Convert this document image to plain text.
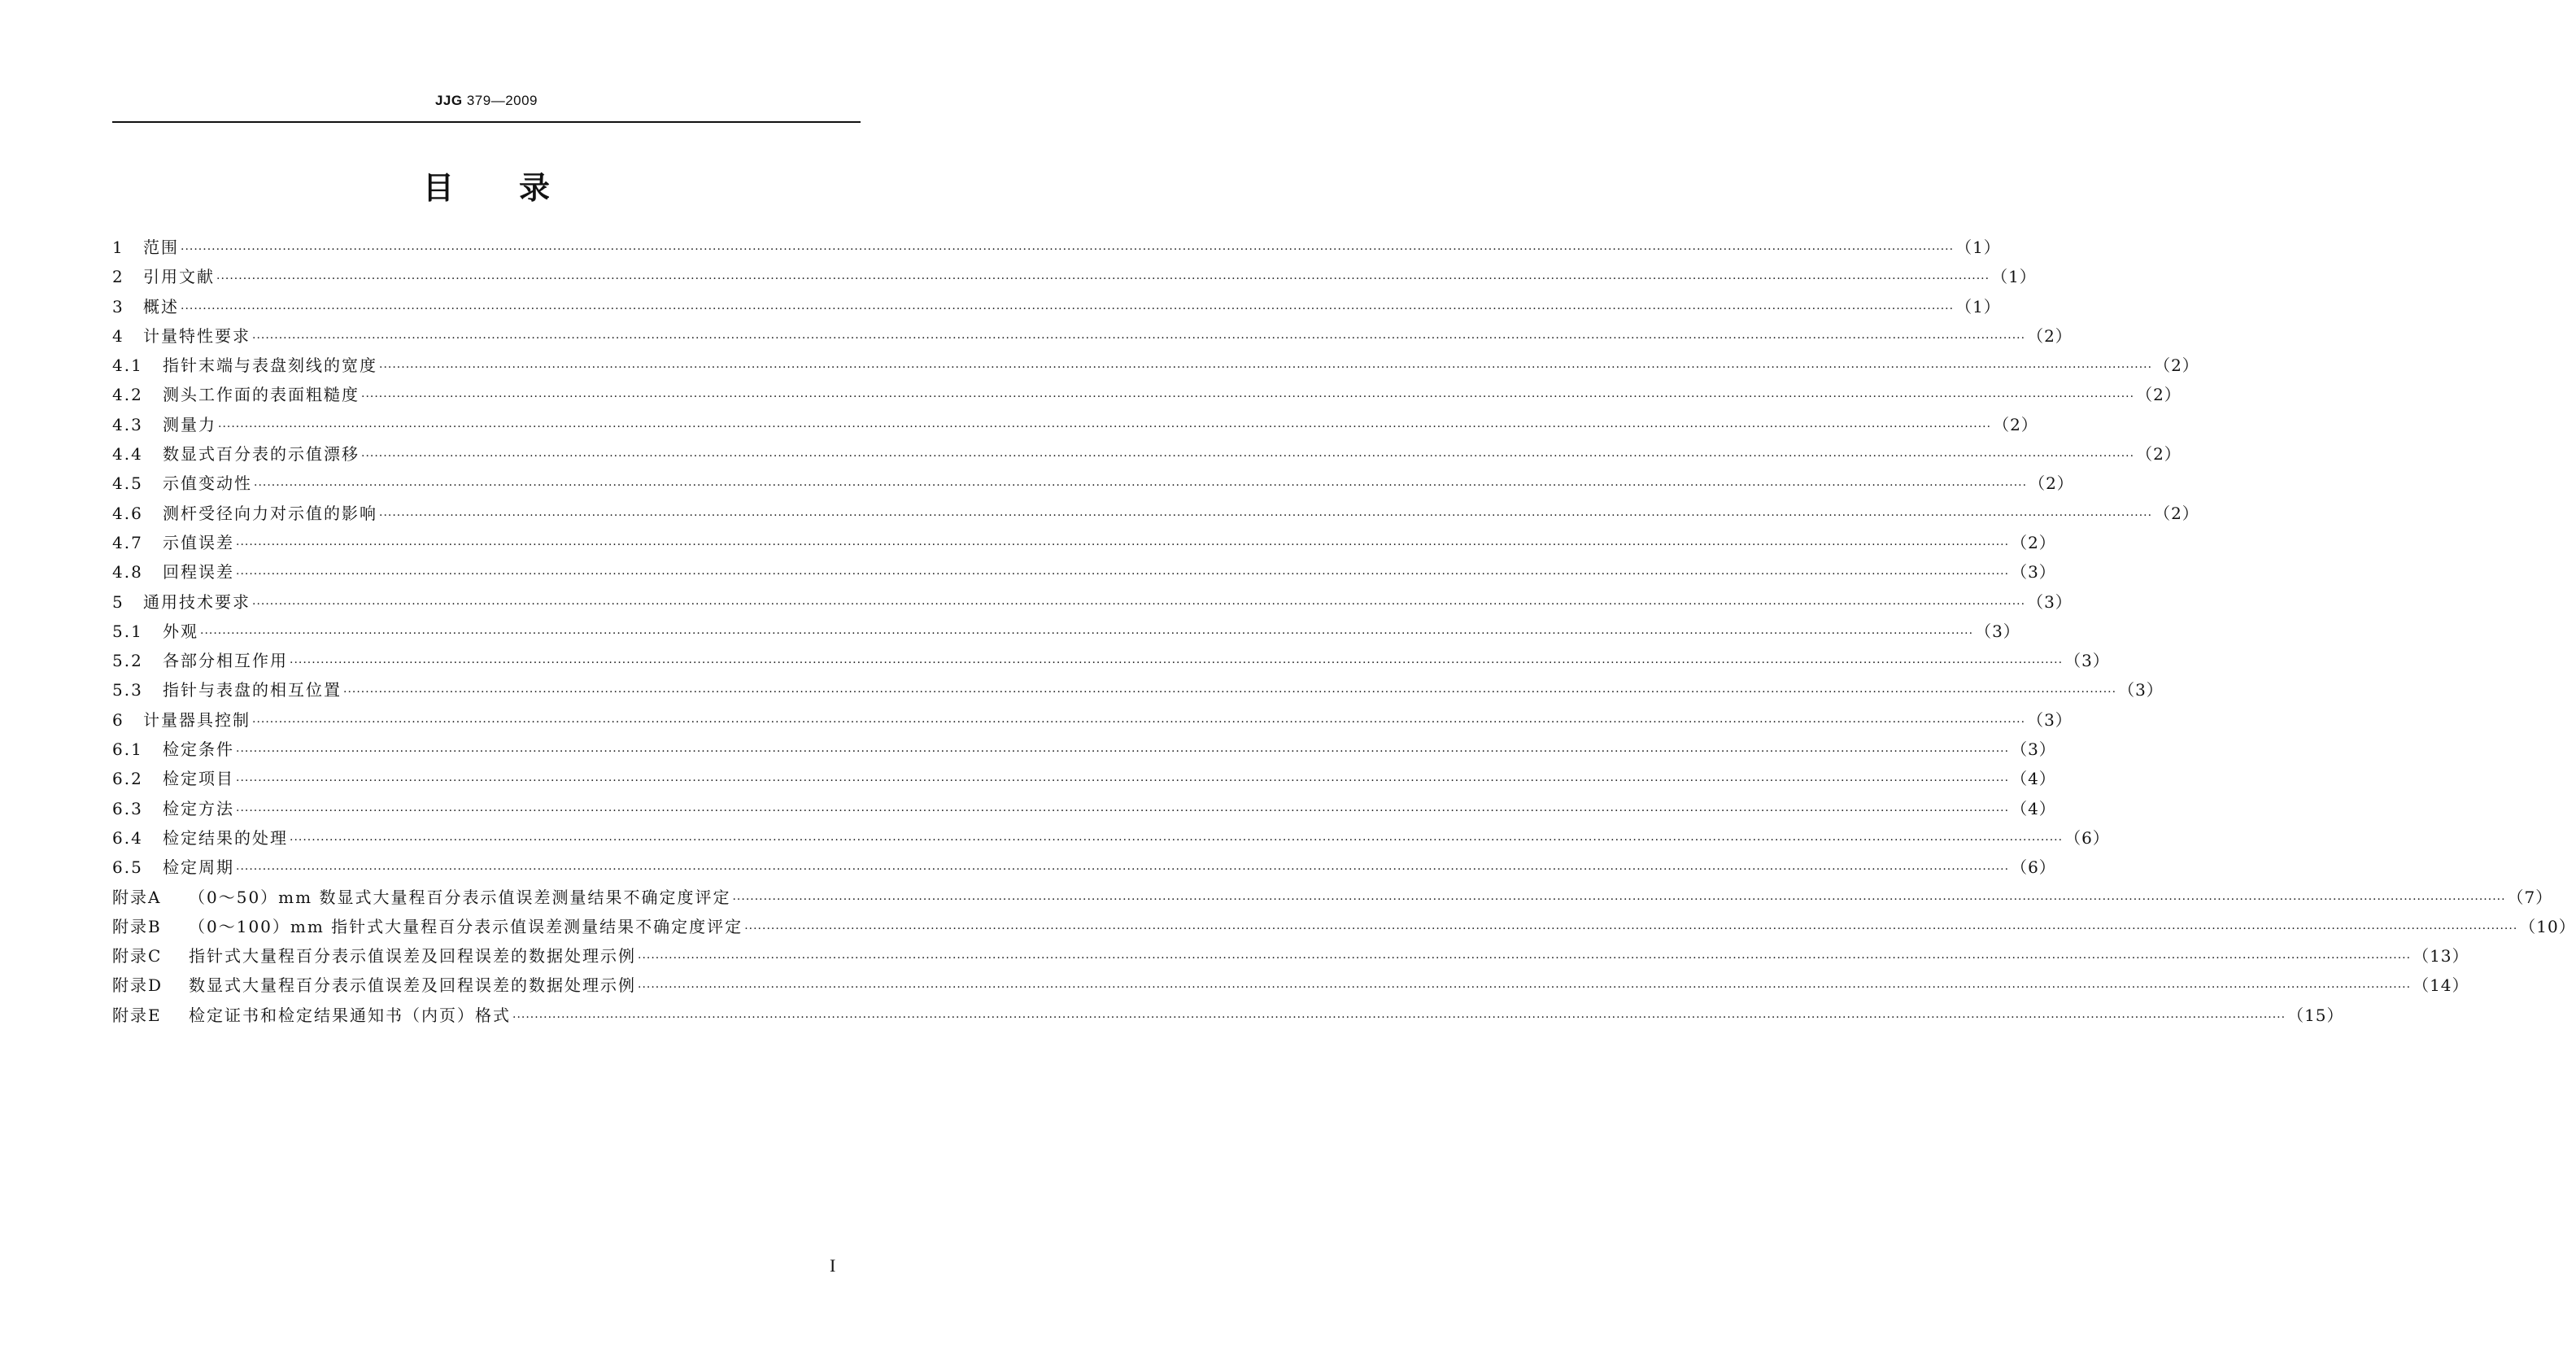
JJG 379—2009
目 录
1	范围 ················································································································································································································································································································································································································ （1）
2	引用文献 ················································································································································································································································································································································································································ （1）
3	概述 ················································································································································································································································································································································································································ （1）
4	计量特性要求 ················································································································································································································································································································································································································ （2）
4.1	指针末端与表盘刻线的宽度 ················································································································································································································································································································································································································ （2）
4.2	测头工作面的表面粗糙度 ················································································································································································································································································································································································································ （2）
4.3	测量力 ················································································································································································································································································································································································································ （2）
4.4	数显式百分表的示值漂移 ················································································································································································································································································································································································································ （2）
4.5	示值变动性 ················································································································································································································································································································································································································ （2）
4.6	测杆受径向力对示值的影响 ················································································································································································································································································································································································································ （2）
4.7	示值误差 ················································································································································································································································································································································································································ （2）
4.8	回程误差 ················································································································································································································································································································································································································ （3）
5	通用技术要求 ················································································································································································································································································································································································································ （3）
5.1	外观 ················································································································································································································································································································································································································ （3）
5.2	各部分相互作用 ················································································································································································································································································································································································································ （3）
5.3	指针与表盘的相互位置 ················································································································································································································································································································································································································ （3）
6	计量器具控制 ················································································································································································································································································································································································································ （3）
6.1	检定条件 ················································································································································································································································································································································································································ （3）
6.2	检定项目 ················································································································································································································································································································································································································ （4）
6.3	检定方法 ················································································································································································································································································································································································································ （4）
6.4	检定结果的处理 ················································································································································································································································································································································································································ （6）
6.5	检定周期 ················································································································································································································································································································································································································ （6）
附录A	（0～50）mm 数显式大量程百分表示值误差测量结果不确定度评定 ················································································································································································································································································································································································································ （7）
附录B	（0～100）mm 指针式大量程百分表示值误差测量结果不确定度评定 ················································································································································································································································································································································································································ （10）
附录C	指针式大量程百分表示值误差及回程误差的数据处理示例 ················································································································································································································································································································································································································ （13）
附录D	数显式大量程百分表示值误差及回程误差的数据处理示例 ················································································································································································································································································································································································································ （14）
附录E	检定证书和检定结果通知书（内页）格式 ················································································································································································································································································································································································································ （15）
I
